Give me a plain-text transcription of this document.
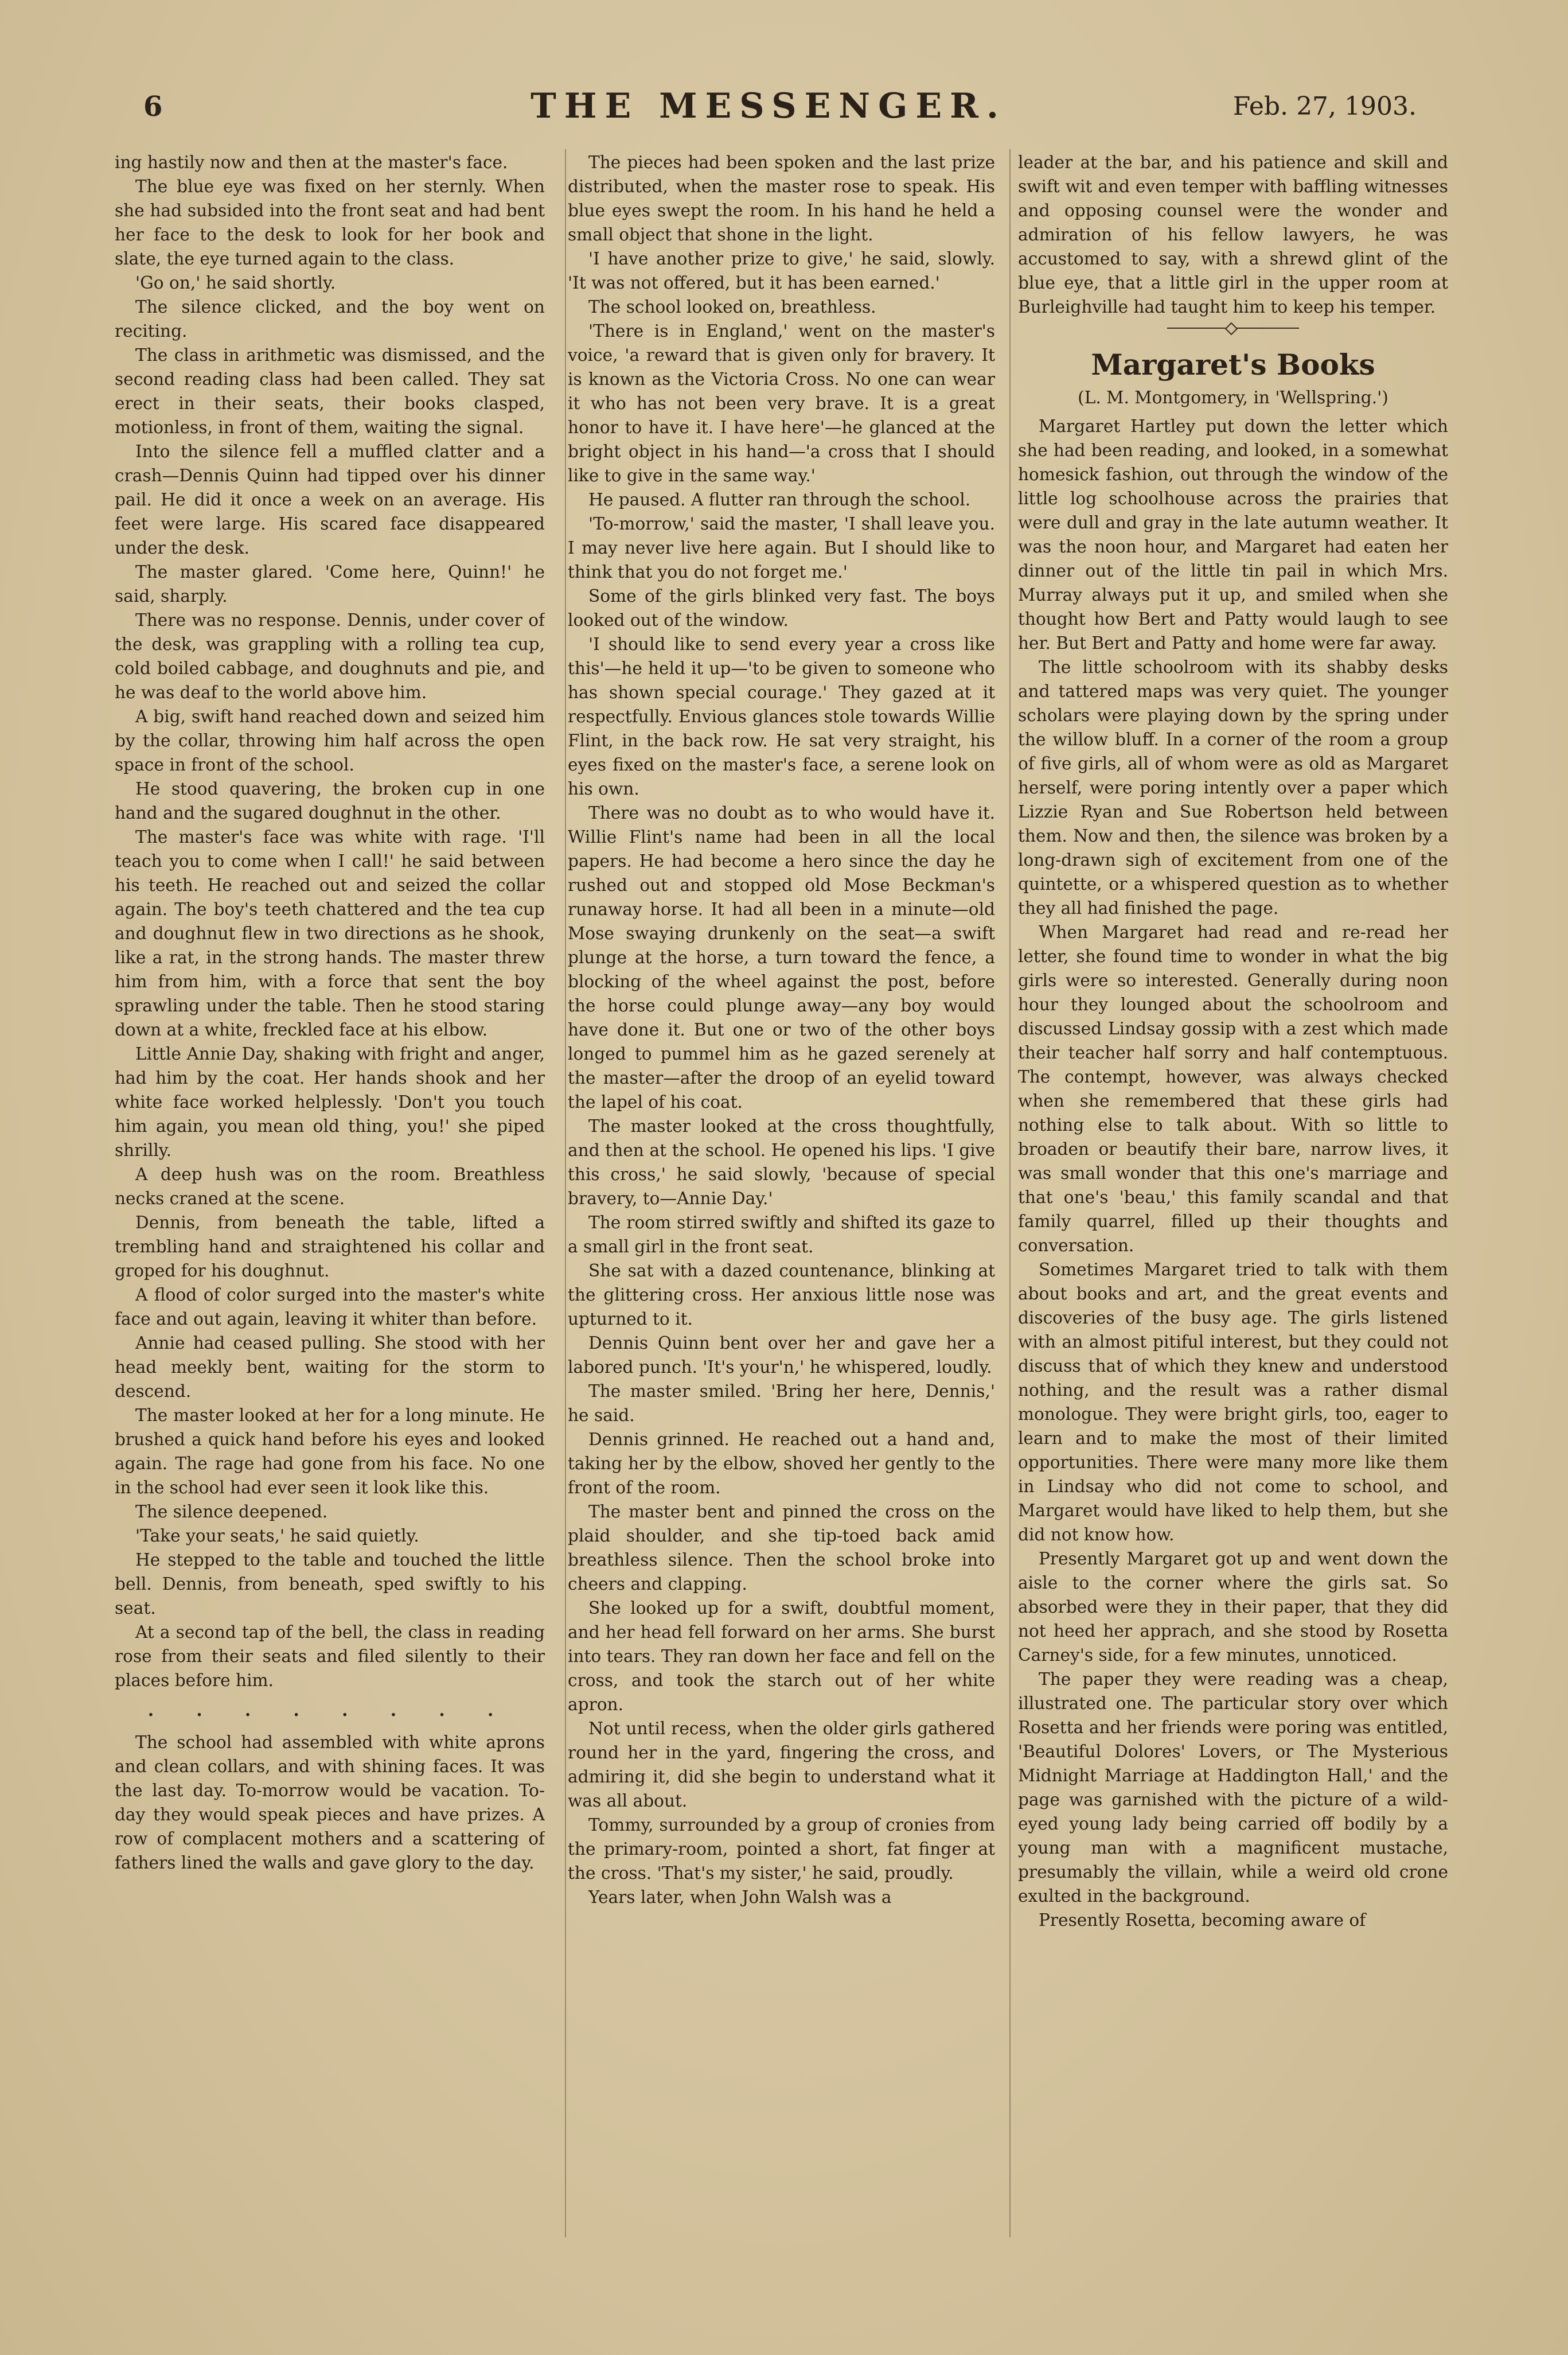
6	THE MESSENGER.	Feb. 27, 1903.

ing hastily now and then at the master's face.

The blue eye was fixed on her sternly. When she had subsided into the front seat and had bent her face to the desk to look for her book and slate, the eye turned again to the class.

'Go on,' he said shortly.

The silence clicked, and the boy went on reciting.

The class in arithmetic was dismissed, and the second reading class had been called. They sat erect in their seats, their books clasped, motionless, in front of them, waiting the signal.

Into the silence fell a muffled clatter and a crash—Dennis Quinn had tipped over his dinner pail. He did it once a week on an average. His feet were large. His scared face disappeared under the desk.

The master glared. 'Come here, Quinn!' he said, sharply.

There was no response. Dennis, under cover of the desk, was grappling with a rolling tea cup, cold boiled cabbage, and doughnuts and pie, and he was deaf to the world above him.

A big, swift hand reached down and seized him by the collar, throwing him half across the open space in front of the school.

He stood quavering, the broken cup in one hand and the sugared doughnut in the other.

The master's face was white with rage. 'I'll teach you to come when I call!' he said between his teeth. He reached out and seized the collar again. The boy's teeth chattered and the tea cup and doughnut flew in two directions as he shook, like a rat, in the strong hands. The master threw him from him, with a force that sent the boy sprawling under the table. Then he stood staring down at a white, freckled face at his elbow.

Little Annie Day, shaking with fright and anger, had him by the coat. Her hands shook and her white face worked helplessly. 'Don't you touch him again, you mean old thing, you!' she piped shrilly.

A deep hush was on the room. Breathless necks craned at the scene.

Dennis, from beneath the table, lifted a trembling hand and straightened his collar and groped for his doughnut.

A flood of color surged into the master's white face and out again, leaving it whiter than before.

Annie had ceased pulling. She stood with her head meekly bent, waiting for the storm to descend.

The master looked at her for a long minute. He brushed a quick hand before his eyes and looked again. The rage had gone from his face. No one in the school had ever seen it look like this.

The silence deepened.

'Take your seats,' he said quietly.

He stepped to the table and touched the little bell. Dennis, from beneath, sped swiftly to his seat.

At a second tap of the bell, the class in reading rose from their seats and filed silently to their places before him.

. . . . . . . .

The school had assembled with white aprons and clean collars, and with shining faces. It was the last day. To-morrow would be vacation. To-day they would speak pieces and have prizes. A row of complacent mothers and a scattering of fathers lined the walls and gave glory to the day.

The pieces had been spoken and the last prize distributed, when the master rose to speak. His blue eyes swept the room. In his hand he held a small object that shone in the light.

'I have another prize to give,' he said, slowly. 'It was not offered, but it has been earned.'

The school looked on, breathless.

'There is in England,' went on the master's voice, 'a reward that is given only for bravery. It is known as the Victoria Cross. No one can wear it who has not been very brave. It is a great honor to have it. I have here'—he glanced at the bright object in his hand—'a cross that I should like to give in the same way.'

He paused. A flutter ran through the school.

'To-morrow,' said the master, 'I shall leave you. I may never live here again. But I should like to think that you do not forget me.'

Some of the girls blinked very fast. The boys looked out of the window.

'I should like to send every year a cross like this'—he held it up—'to be given to someone who has shown special courage.' They gazed at it respectfully. Envious glances stole towards Willie Flint, in the back row. He sat very straight, his eyes fixed on the master's face, a serene look on his own.

There was no doubt as to who would have it. Willie Flint's name had been in all the local papers. He had become a hero since the day he rushed out and stopped old Mose Beckman's runaway horse. It had all been in a minute—old Mose swaying drunkenly on the seat—a swift plunge at the horse, a turn toward the fence, a blocking of the wheel against the post, before the horse could plunge away—any boy would have done it. But one or two of the other boys longed to pummel him as he gazed serenely at the master—after the droop of an eyelid toward the lapel of his coat.

The master looked at the cross thoughtfully, and then at the school. He opened his lips. 'I give this cross,' he said slowly, 'because of special bravery, to—Annie Day.'

The room stirred swiftly and shifted its gaze to a small girl in the front seat.

She sat with a dazed countenance, blinking at the glittering cross. Her anxious little nose was upturned to it.

Dennis Quinn bent over her and gave her a labored punch. 'It's your'n,' he whispered, loudly.

The master smiled. 'Bring her here, Dennis,' he said.

Dennis grinned. He reached out a hand and, taking her by the elbow, shoved her gently to the front of the room.

The master bent and pinned the cross on the plaid shoulder, and she tip-toed back amid breathless silence. Then the school broke into cheers and clapping.

She looked up for a swift, doubtful moment, and her head fell forward on her arms. She burst into tears. They ran down her face and fell on the cross, and took the starch out of her white apron.

Not until recess, when the older girls gathered round her in the yard, fingering the cross, and admiring it, did she begin to understand what it was all about.

Tommy, surrounded by a group of cronies from the primary-room, pointed a short, fat finger at the cross. 'That's my sister,' he said, proudly.

Years later, when John Walsh was a

leader at the bar, and his patience and skill and swift wit and even temper with baffling witnesses and opposing counsel were the wonder and admiration of his fellow lawyers, he was accustomed to say, with a shrewd glint of the blue eye, that a little girl in the upper room at Burleighville had taught him to keep his temper.

Margaret's Books
(L. M. Montgomery, in 'Wellspring.')

Margaret Hartley put down the letter which she had been reading, and looked, in a somewhat homesick fashion, out through the window of the little log schoolhouse across the prairies that were dull and gray in the late autumn weather. It was the noon hour, and Margaret had eaten her dinner out of the little tin pail in which Mrs. Murray always put it up, and smiled when she thought how Bert and Patty would laugh to see her. But Bert and Patty and home were far away.

The little schoolroom with its shabby desks and tattered maps was very quiet. The younger scholars were playing down by the spring under the willow bluff. In a corner of the room a group of five girls, all of whom were as old as Margaret herself, were poring intently over a paper which Lizzie Ryan and Sue Robertson held between them. Now and then, the silence was broken by a long-drawn sigh of excitement from one of the quintette, or a whispered question as to whether they all had finished the page.

When Margaret had read and re-read her letter, she found time to wonder in what the big girls were so interested. Generally during noon hour they lounged about the schoolroom and discussed Lindsay gossip with a zest which made their teacher half sorry and half contemptuous. The contempt, however, was always checked when she remembered that these girls had nothing else to talk about. With so little to broaden or beautify their bare, narrow lives, it was small wonder that this one's marriage and that one's 'beau,' this family scandal and that family quarrel, filled up their thoughts and conversation.

Sometimes Margaret tried to talk with them about books and art, and the great events and discoveries of the busy age. The girls listened with an almost pitiful interest, but they could not discuss that of which they knew and understood nothing, and the result was a rather dismal monologue. They were bright girls, too, eager to learn and to make the most of their limited opportunities. There were many more like them in Lindsay who did not come to school, and Margaret would have liked to help them, but she did not know how.

Presently Margaret got up and went down the aisle to the corner where the girls sat. So absorbed were they in their paper, that they did not heed her apprach, and she stood by Rosetta Carney's side, for a few minutes, unnoticed.

The paper they were reading was a cheap, illustrated one. The particular story over which Rosetta and her friends were poring was entitled, 'Beautiful Dolores' Lovers, or The Mysterious Midnight Marriage at Haddington Hall,' and the page was garnished with the picture of a wild-eyed young lady being carried off bodily by a young man with a magnificent mustache, presumably the villain, while a weird old crone exulted in the background.

Presently Rosetta, becoming aware of
